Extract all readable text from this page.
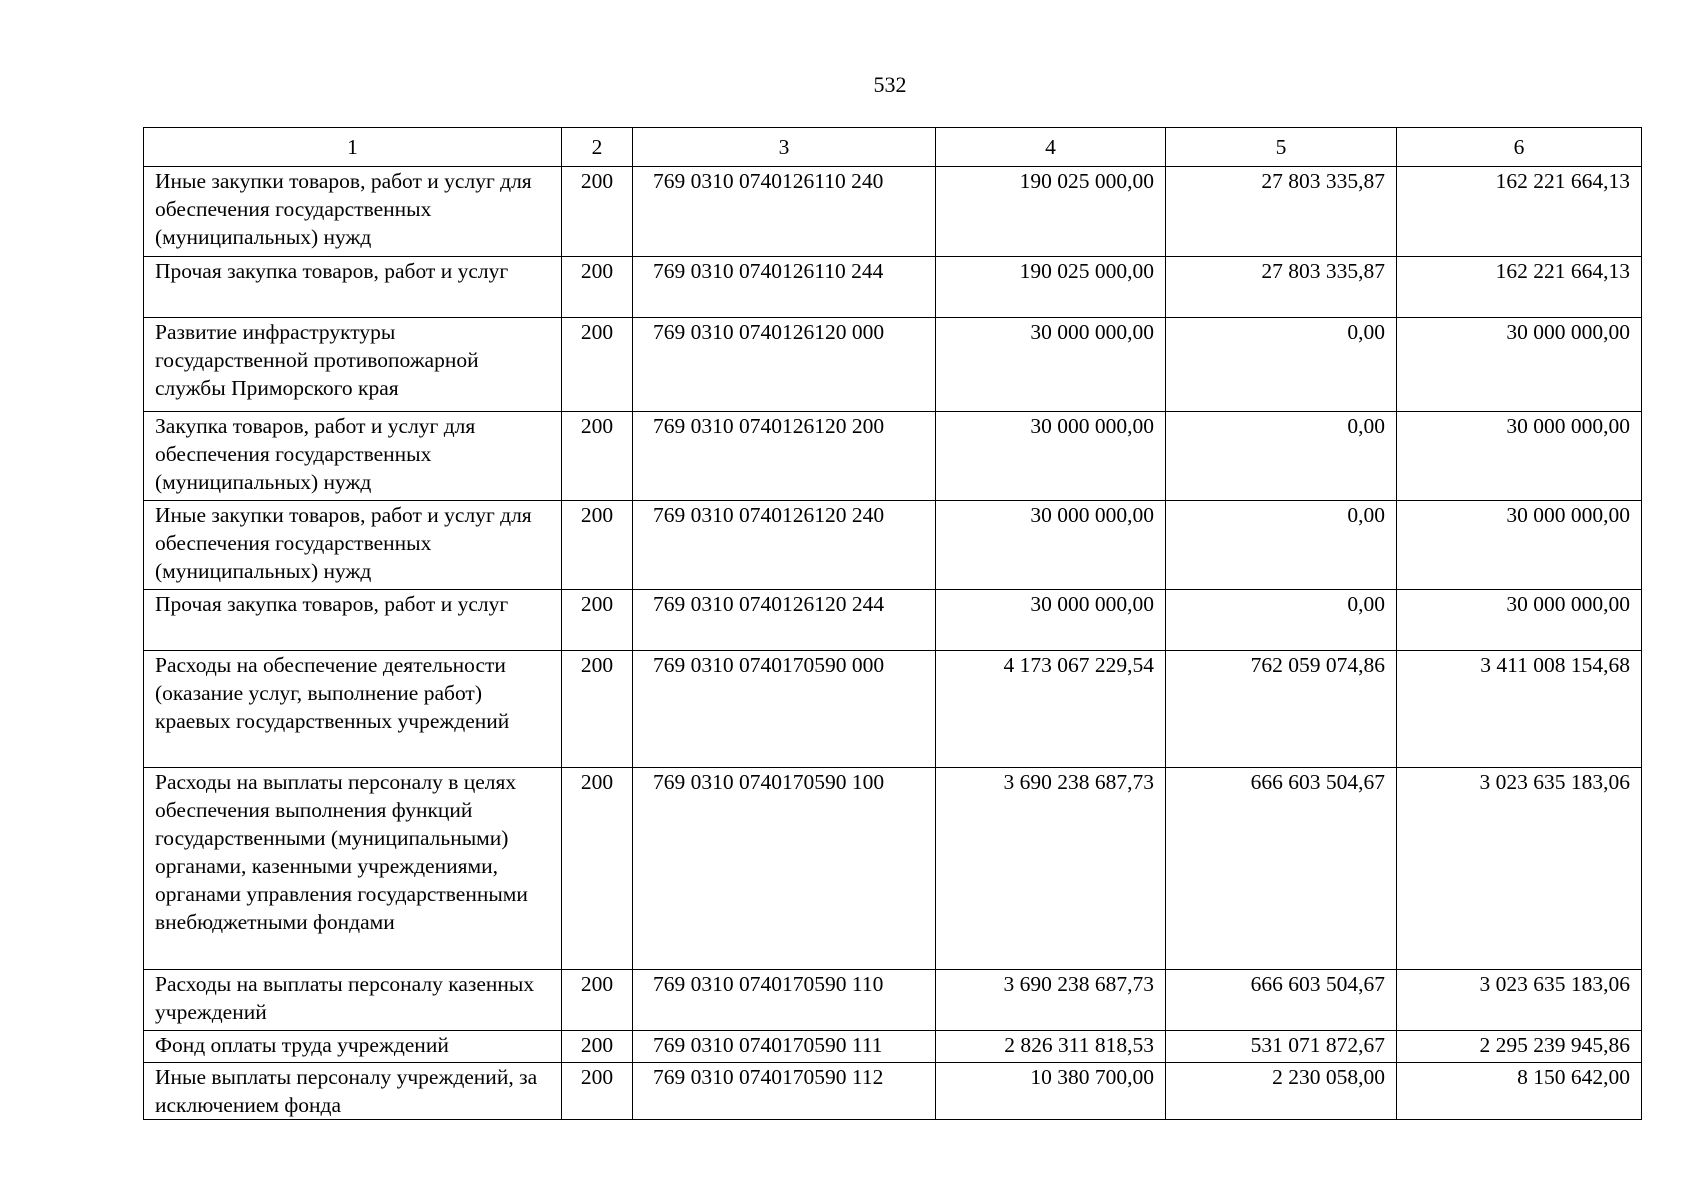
532
1	2	3	4	5	6
Иные закупки товаров, работ и услуг для обеспечения государственных (муниципальных) нужд	200	769 0310 0740126110 240	190 025 000,00	27 803 335,87	162 221 664,13
Прочая закупка товаров, работ и услуг	200	769 0310 0740126110 244	190 025 000,00	27 803 335,87	162 221 664,13
Развитие инфраструктуры государственной противопожарной службы Приморского края	200	769 0310 0740126120 000	30 000 000,00	0,00	30 000 000,00
Закупка товаров, работ и услуг для обеспечения государственных (муниципальных) нужд	200	769 0310 0740126120 200	30 000 000,00	0,00	30 000 000,00
Иные закупки товаров, работ и услуг для обеспечения государственных (муниципальных) нужд	200	769 0310 0740126120 240	30 000 000,00	0,00	30 000 000,00
Прочая закупка товаров, работ и услуг	200	769 0310 0740126120 244	30 000 000,00	0,00	30 000 000,00
Расходы на обеспечение деятельности (оказание услуг, выполнение работ) краевых государственных учреждений	200	769 0310 0740170590 000	4 173 067 229,54	762 059 074,86	3 411 008 154,68
Расходы на выплаты персоналу в целях обеспечения выполнения функций государственными (муниципальными) органами, казенными учреждениями, органами управления государственными внебюджетными фондами	200	769 0310 0740170590 100	3 690 238 687,73	666 603 504,67	3 023 635 183,06
Расходы на выплаты персоналу казенных учреждений	200	769 0310 0740170590 110	3 690 238 687,73	666 603 504,67	3 023 635 183,06
Фонд оплаты труда учреждений	200	769 0310 0740170590 111	2 826 311 818,53	531 071 872,67	2 295 239 945,86
Иные выплаты персоналу учреждений, за исключением фонда	200	769 0310 0740170590 112	10 380 700,00	2 230 058,00	8 150 642,00
